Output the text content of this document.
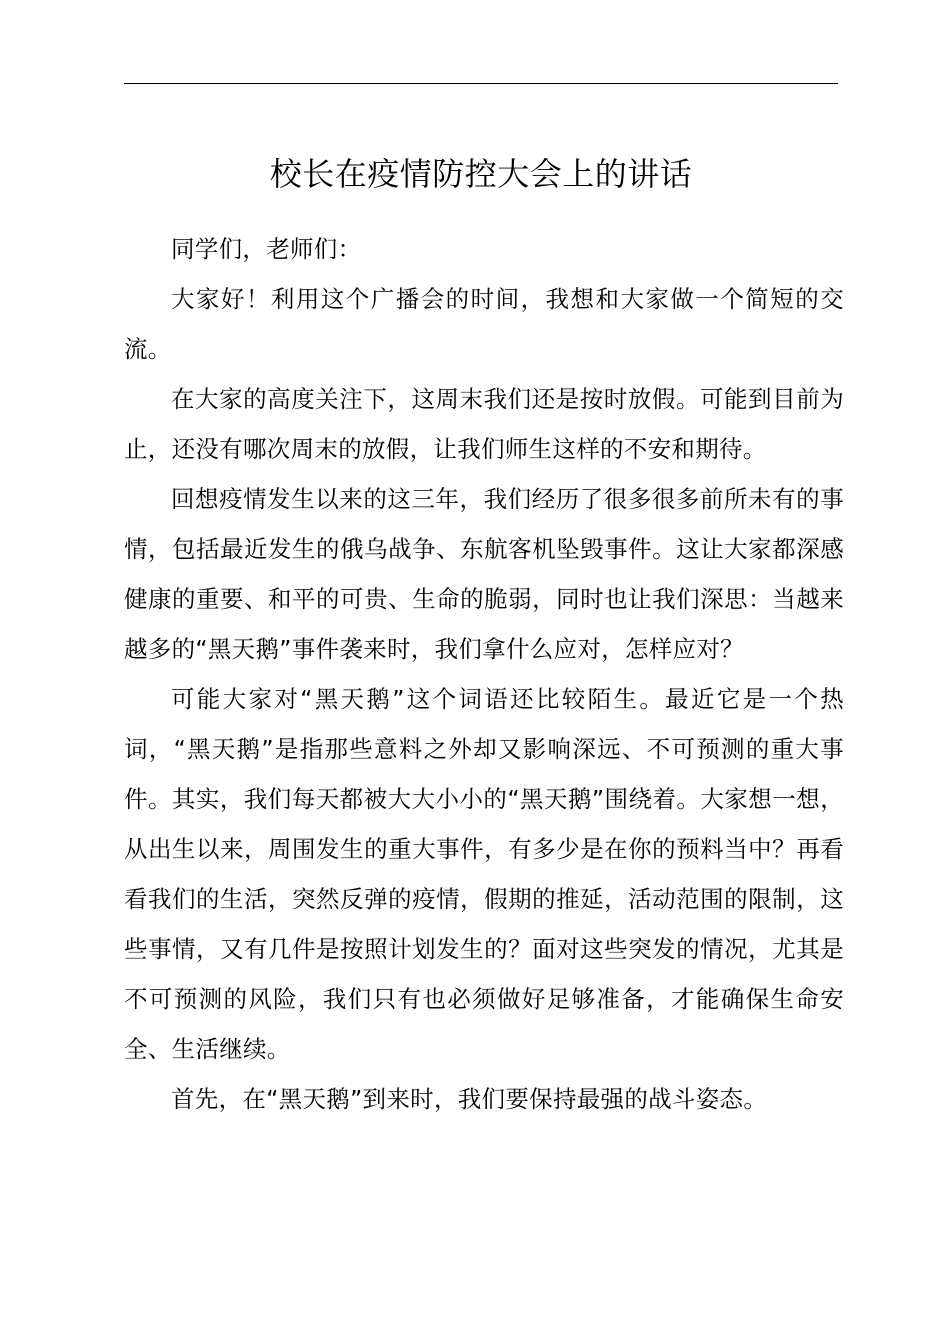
校长在疫情防控大会上的讲话

同学们，老师们：

大家好！利用这个广播会的时间，我想和大家做一个简短的交流。

在大家的高度关注下，这周末我们还是按时放假。可能到目前为止，还没有哪次周末的放假，让我们师生这样的不安和期待。

回想疫情发生以来的这三年，我们经历了很多很多前所未有的事情，包括最近发生的俄乌战争、东航客机坠毁事件。这让大家都深感健康的重要、和平的可贵、生命的脆弱，同时也让我们深思：当越来越多的“黑天鹅”事件袭来时，我们拿什么应对，怎样应对？

可能大家对“黑天鹅”这个词语还比较陌生。最近它是一个热词，“黑天鹅”是指那些意料之外却又影响深远、不可预测的重大事件。其实，我们每天都被大大小小的“黑天鹅”围绕着。大家想一想，从出生以来，周围发生的重大事件，有多少是在你的预料当中？再看看我们的生活，突然反弹的疫情，假期的推延，活动范围的限制，这些事情，又有几件是按照计划发生的？面对这些突发的情况，尤其是不可预测的风险，我们只有也必须做好足够准备，才能确保生命安全、生活继续。

首先，在“黑天鹅”到来时，我们要保持最强的战斗姿态。
